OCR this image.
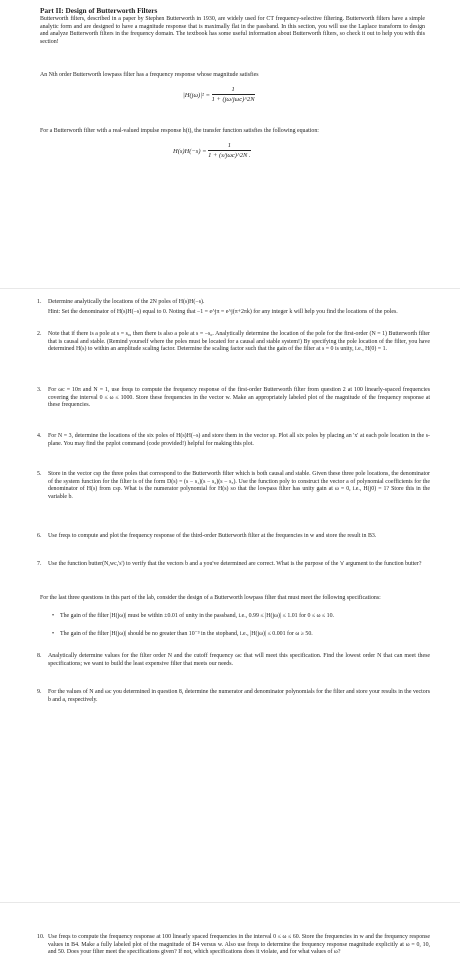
Part II: Design of Butterworth Filters

Butterworth filters, described in a paper by Stephen Butterworth in 1930, are widely used for CT frequency-selective filtering. Butterworth filters have a simple analytic form and are designed to have a magnitude response that is maximally flat in the passband. In this section, you will use the Laplace transform to design and analyze Butterworth filters in the frequency domain. The textbook has some useful information about Butterworth filters, so check it out to help you with this section!

An Nth order Butterworth lowpass filter has a frequency response whose magnitude satisfies

$|H(j\omega)|^2 = \frac{1}{\text{1 + (jω/jωc)\textasciicircum{}2N}}$

For a Butterworth filter with a real-valued impulse response h(t), the transfer function satisfies the following equation:

$H(s)H(-s) = \frac{1}{\text{1 + (s/jωc)\textasciicircum{}2N .}}$
1. Determine analytically the locations of the 2N poles of H(s)H(−s).

Hint: Set the denominator of H(s)H(−s) equal to 0. Noting that −1 = e^jπ = e^j(π+2πk) for any integer k will help you find the locations of the poles.

2. Note that if there is a pole at s = s₀, then there is also a pole at s = −s₀. Analytically determine the location of the pole for the first-order (N = 1) Butterworth filter that is causal and stable. (Remind yourself where the poles must be located for a causal and stable system!) By specifying the pole location of the filter, you have determined H(s) to within an amplitude scaling factor. Determine the scaling factor such that the gain of the filter at s = 0 is unity, i.e., H(0) = 1.

3. For ωc = 10π and N = 1, use freqs to compute the frequency response of the first-order Butterworth filter from question 2 at 100 linearly-spaced frequencies covering the interval 0 ≤ ω ≤ 1000. Store these frequencies in the vector w. Make an appropriately labeled plot of the magnitude of the frequency response at these frequencies.

4. For N = 3, determine the locations of the six poles of H(s)H(−s) and store them in the vector sp. Plot all six poles by placing an 'x' at each pole location in the s-plane. You may find the pzplot command (code provided!) helpful for making this plot.

5. Store in the vector csp the three poles that correspond to the Butterworth filter which is both causal and stable. Given these three pole locations, the denominator of the system function for the filter is of the form D(s) = (s − s₁)(s − s₂)(s − s₃). Use the function poly to construct the vector a of polynomial coefficients for the denominator of H(s) from csp. What is the numerator polynomial for H(s) so that the lowpass filter has unity gain at ω = 0, i.e., H(j0) = 1? Store this in the variable b.

6. Use freqs to compute and plot the frequency response of the third-order Butterworth filter at the frequencies in w and store the result in B3.

7. Use the function butter(N,wc,'s') to verify that the vectors b and a you've determined are correct. What is the purpose of the 's' argument to the function butter?

For the last three questions in this part of the lab, consider the design of a Butterworth lowpass filter that must meet the following specifications:

• The gain of the filter |H(jω)| must be within ±0.01 of unity in the passband, i.e., 0.99 ≤ |H(jω)| ≤ 1.01 for 0 ≤ ω ≤ 10.

• The gain of the filter |H(jω)| should be no greater than 10⁻³ in the stopband, i.e., |H(jω)| ≤ 0.001 for ω ≥ 50.

8. Analytically determine values for the filter order N and the cutoff frequency ωc that will meet this specification. Find the lowest order N that can meet these specifications; we want to build the least expensive filter that meets our needs.

9. For the values of N and ωc you determined in question 8, determine the numerator and denominator polynomials for the filter and store your results in the vectors b and a, respectively.

10. Use freqs to compute the frequency response at 100 linearly spaced frequencies in the interval 0 ≤ ω ≤ 60. Store the frequencies in w and the frequency response values in B4. Make a fully labeled plot of the magnitude of B4 versus w. Also use freqs to determine the frequency response magnitude explicitly at ω = 0, 10, and 50. Does your filter meet the specifications given? If not, which specifications does it violate, and for what values of ω?
